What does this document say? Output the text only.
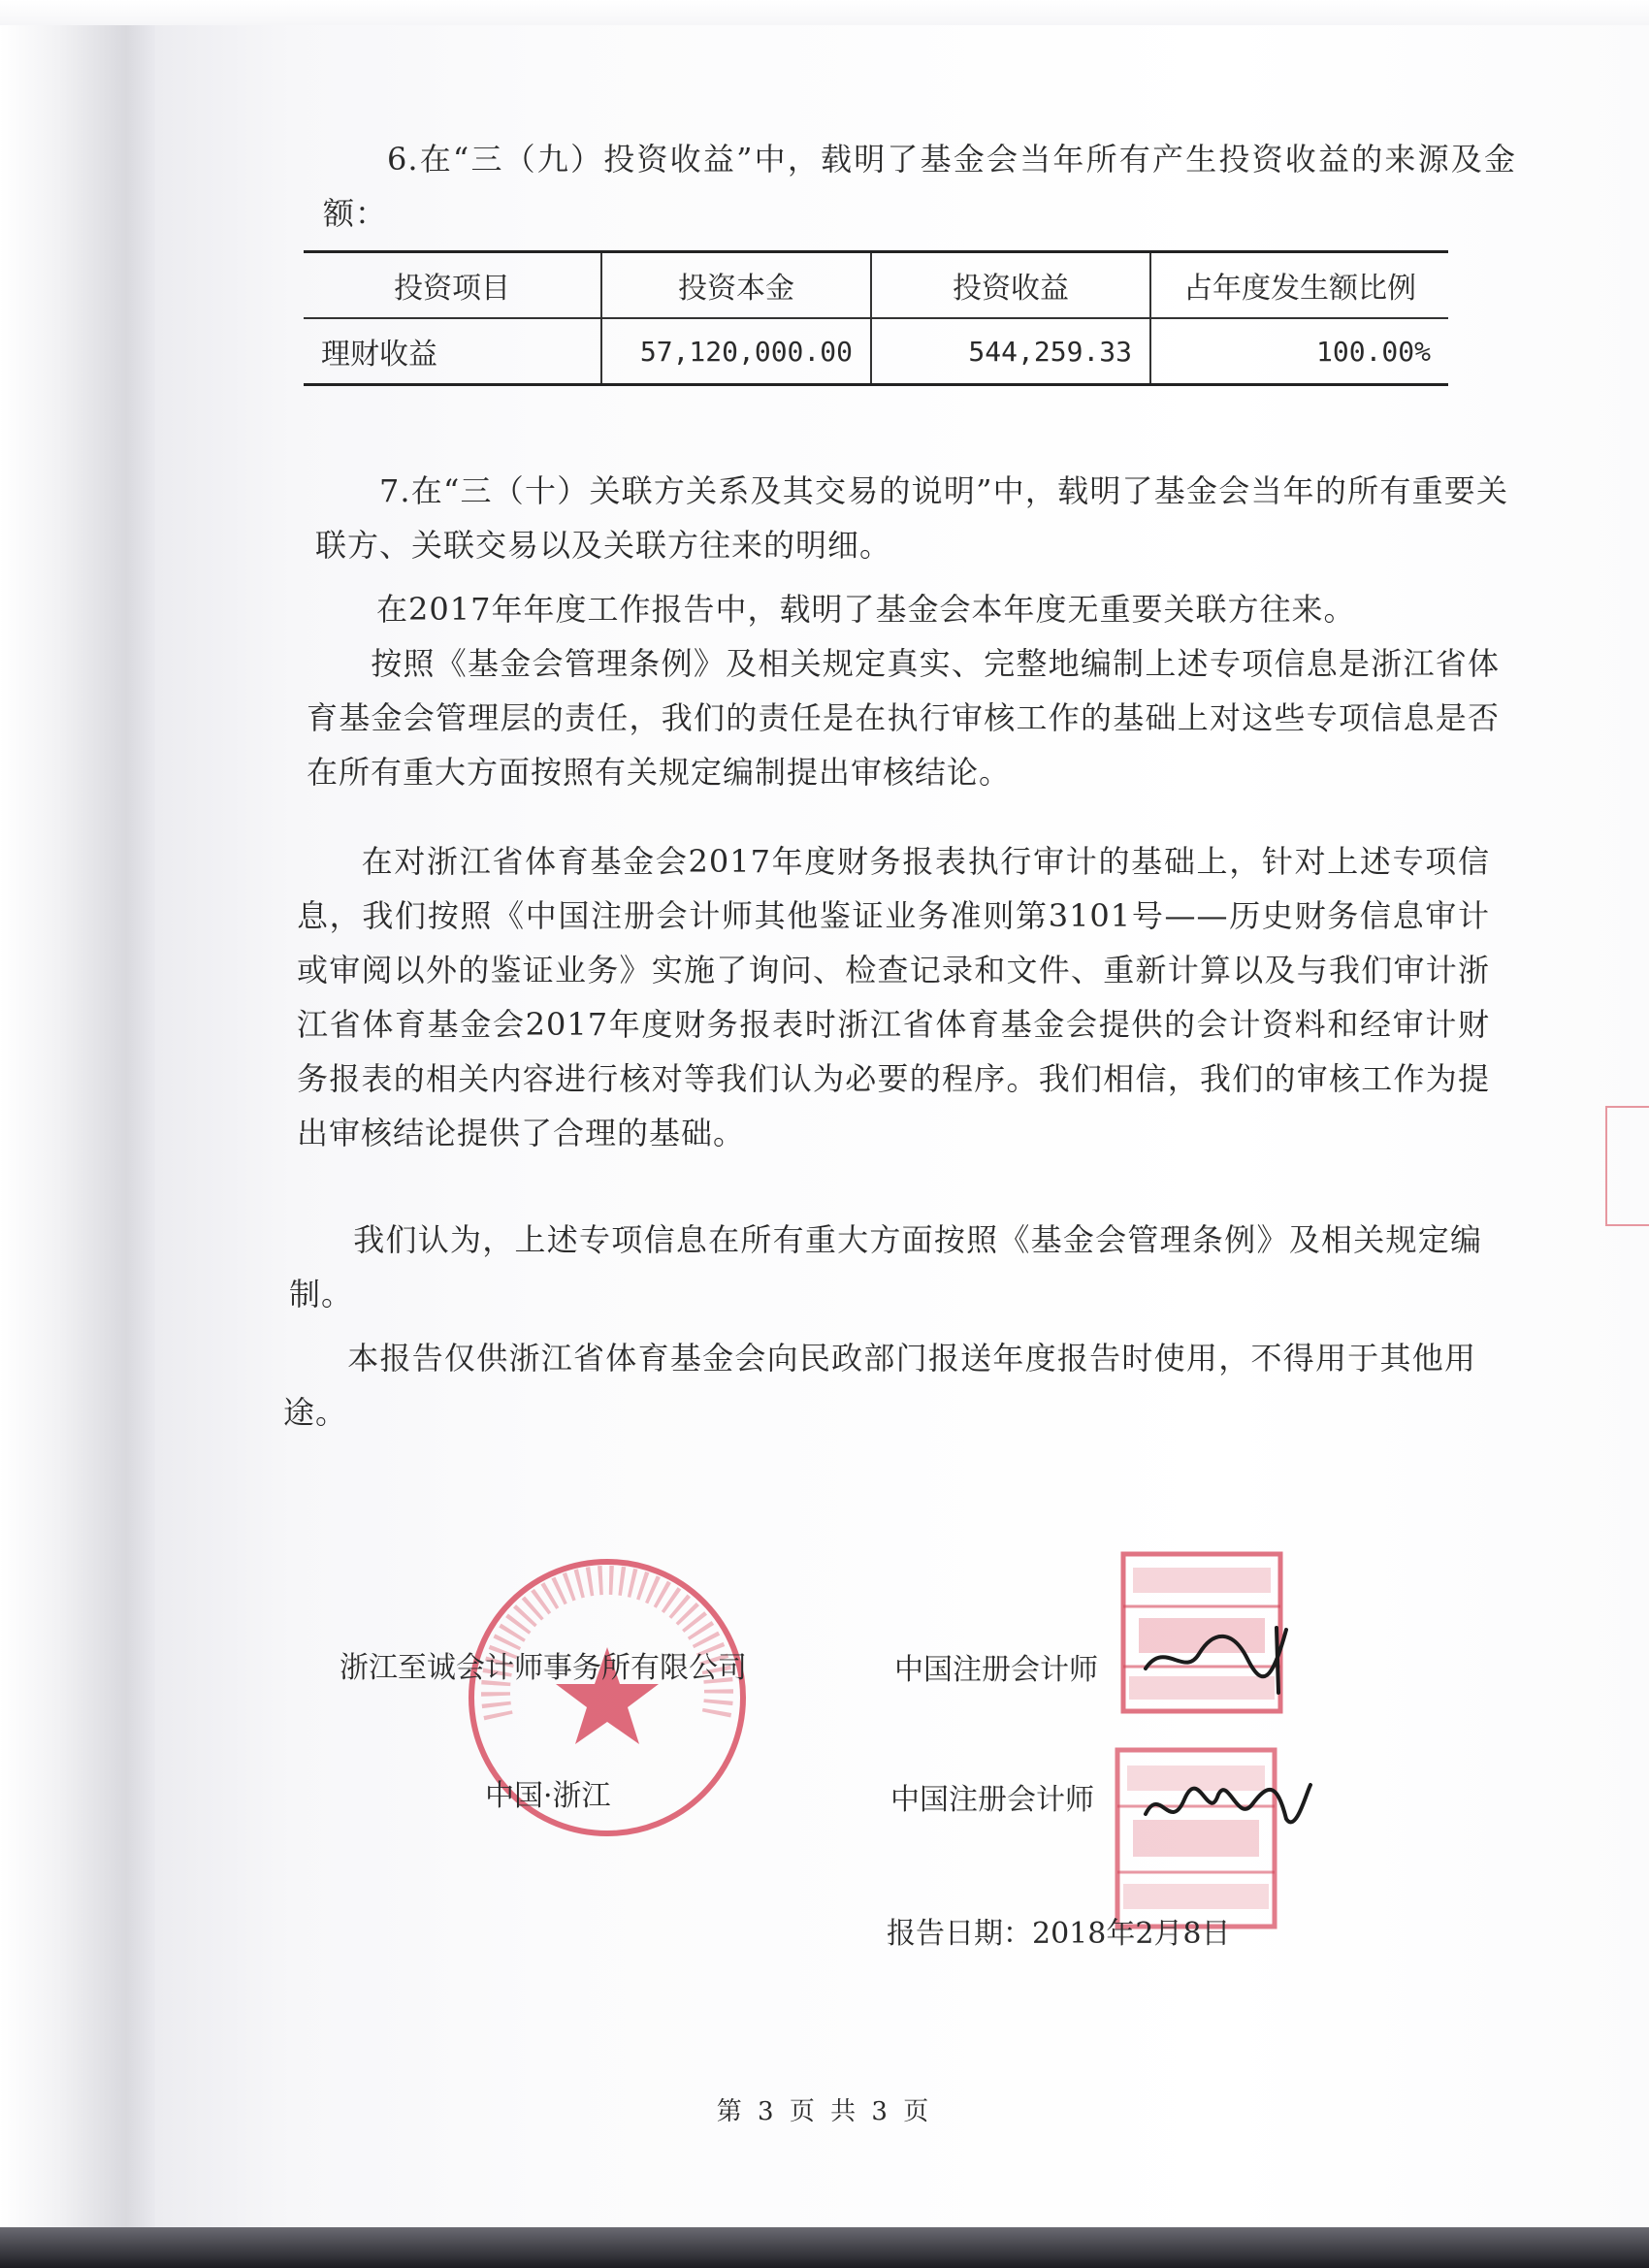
6.在“三（九）投资收益”中，载明了基金会当年所有产生投资收益的来源及金额：

投资项目	投资本金	投资收益	占年度发生额比例
理财收益	57,120,000.00	544,259.33	100.00%

7.在“三（十）关联方关系及其交易的说明”中，载明了基金会当年的所有重要关联方、关联交易以及关联方往来的明细。

在2017年年度工作报告中，载明了基金会本年度无重要关联方往来。

按照《基金会管理条例》及相关规定真实、完整地编制上述专项信息是浙江省体育基金会管理层的责任，我们的责任是在执行审核工作的基础上对这些专项信息是否在所有重大方面按照有关规定编制提出审核结论。

在对浙江省体育基金会2017年度财务报表执行审计的基础上，针对上述专项信息，我们按照《中国注册会计师其他鉴证业务准则第3101号——历史财务信息审计或审阅以外的鉴证业务》实施了询问、检查记录和文件、重新计算以及与我们审计浙江省体育基金会2017年度财务报表时浙江省体育基金会提供的会计资料和经审计财务报表的相关内容进行核对等我们认为必要的程序。我们相信，我们的审核工作为提出审核结论提供了合理的基础。

我们认为，上述专项信息在所有重大方面按照《基金会管理条例》及相关规定编制。

本报告仅供浙江省体育基金会向民政部门报送年度报告时使用，不得用于其他用途。

浙江至诚会计师事务所有限公司
中国·浙江
中国注册会计师
中国注册会计师
报告日期：2018年2月8日
第 3 页 共 3 页
